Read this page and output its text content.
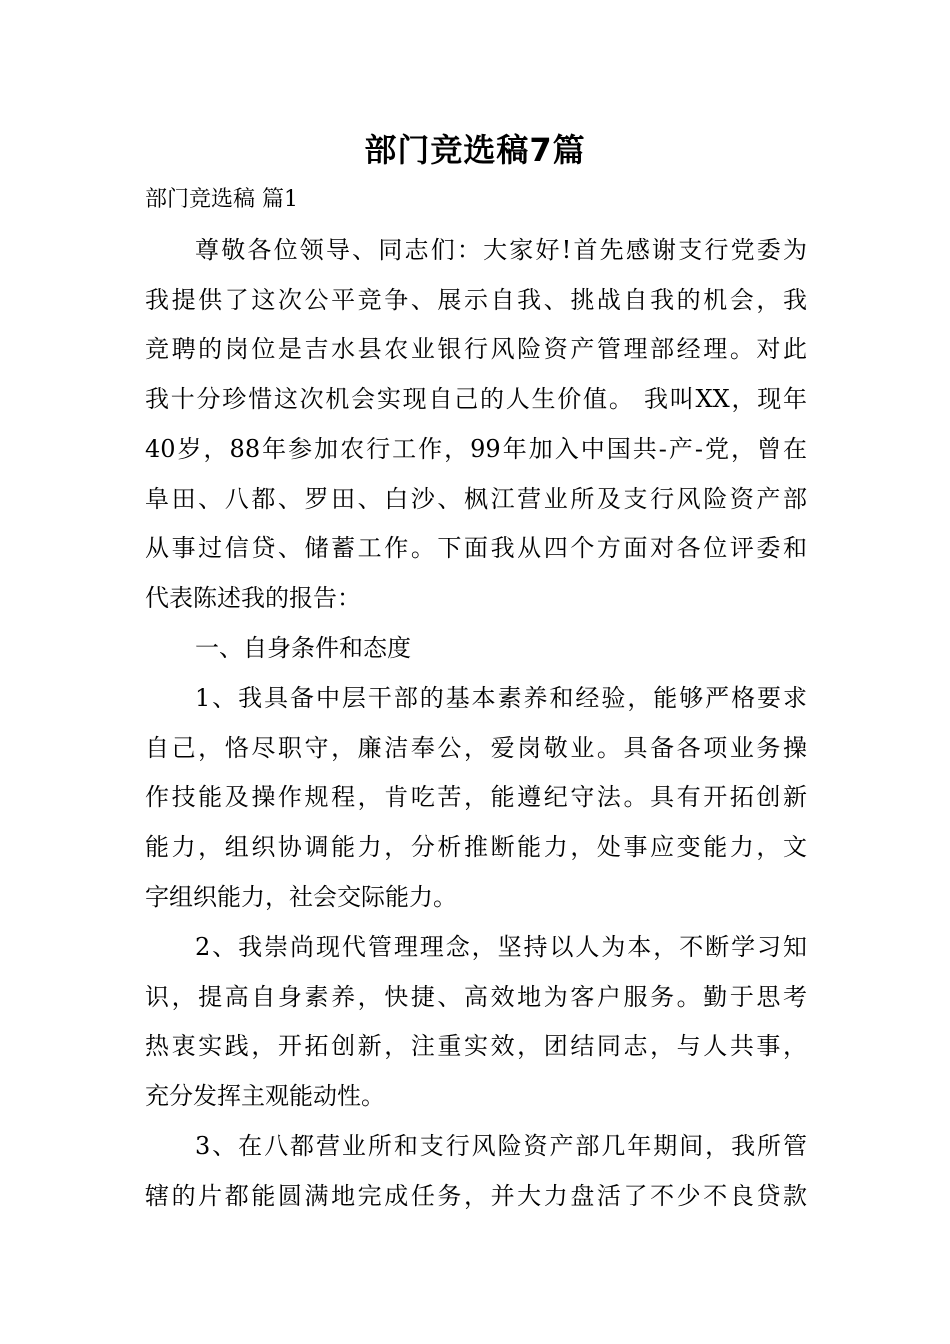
部门竞选稿7篇
部门竞选稿 篇1
尊敬各位领导、同志们：大家好!首先感谢支行党委为
我提供了这次公平竞争、展示自我、挑战自我的机会，我
竞聘的岗位是吉水县农业银行风险资产管理部经理。对此
我十分珍惜这次机会实现自己的人生价值。 我叫XX，现年
40岁，88年参加农行工作，99年加入中国共-产-党，曾在
阜田、八都、罗田、白沙、枫江营业所及支行风险资产部
从事过信贷、储蓄工作。下面我从四个方面对各位评委和
代表陈述我的报告：
一、自身条件和态度
1、我具备中层干部的基本素养和经验，能够严格要求
自己，恪尽职守，廉洁奉公，爱岗敬业。具备各项业务操
作技能及操作规程，肯吃苦，能遵纪守法。具有开拓创新
能力，组织协调能力，分析推断能力，处事应变能力，文
字组织能力，社会交际能力。
2、我崇尚现代管理理念，坚持以人为本，不断学习知
识，提高自身素养，快捷、高效地为客户服务。勤于思考
热衷实践，开拓创新，注重实效，团结同志，与人共事，
充分发挥主观能动性。
3、在八都营业所和支行风险资产部几年期间，我所管
辖的片都能圆满地完成任务，并大力盘活了不少不良贷款
